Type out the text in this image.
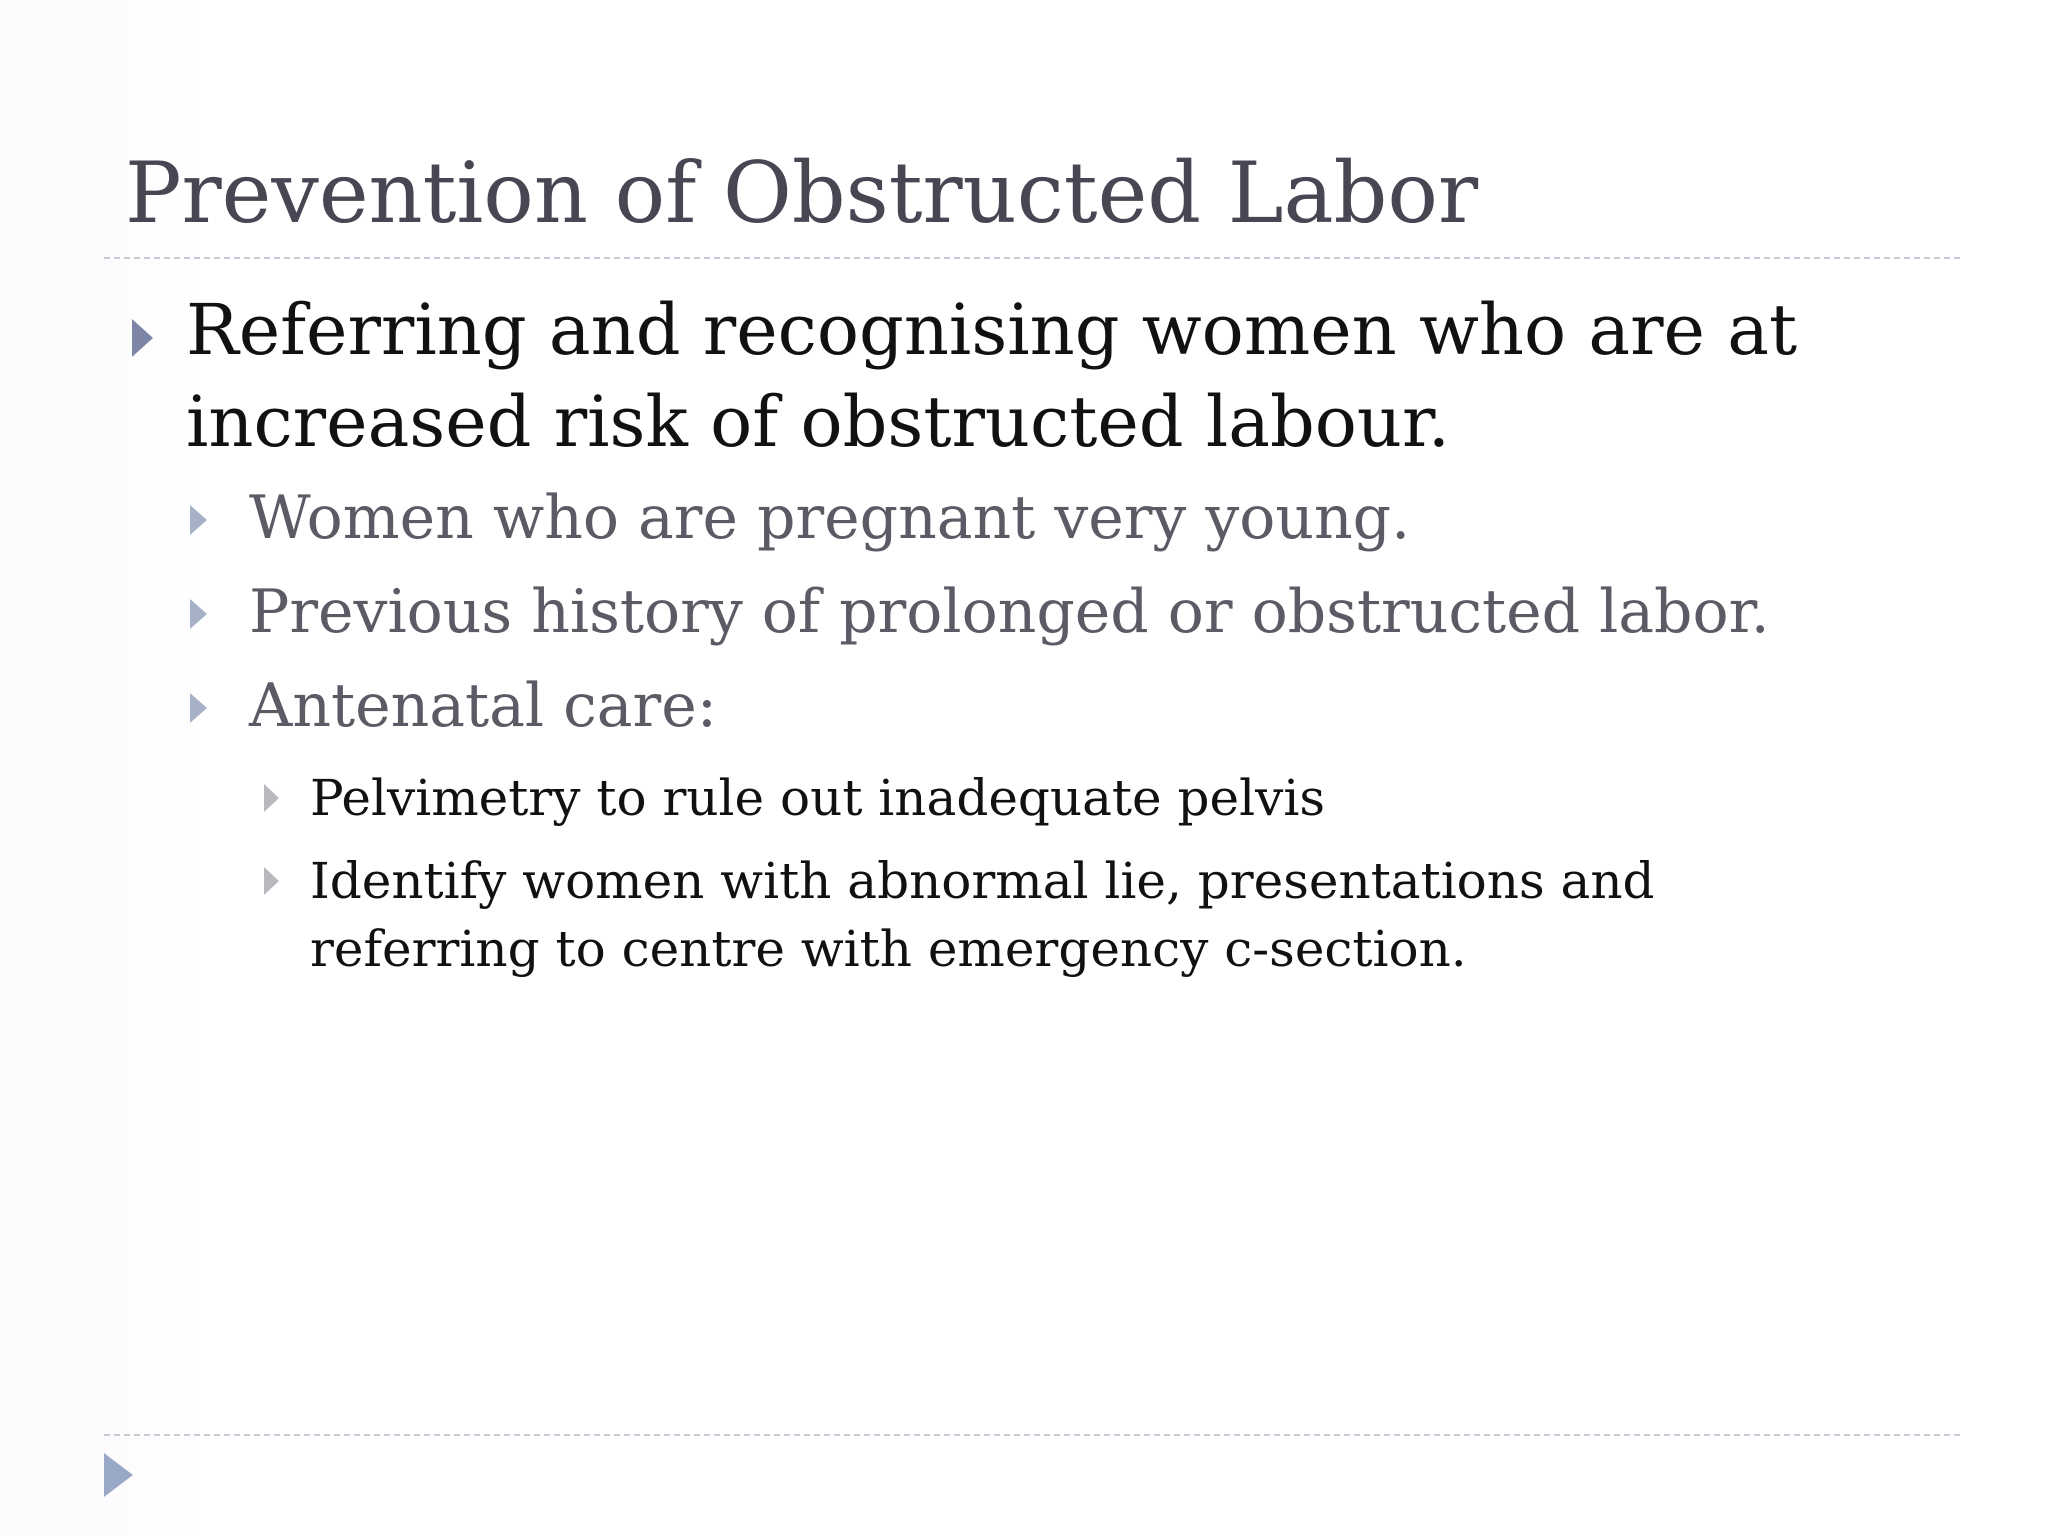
Prevention of Obstructed Labor
Referring and recognising women who are at
increased risk of obstructed labour.
Women who are pregnant very young.
Previous history of prolonged or obstructed labor.
Antenatal care:
Pelvimetry to rule out inadequate pelvis
Identify women with abnormal lie, presentations and
referring to centre with emergency c-section.
